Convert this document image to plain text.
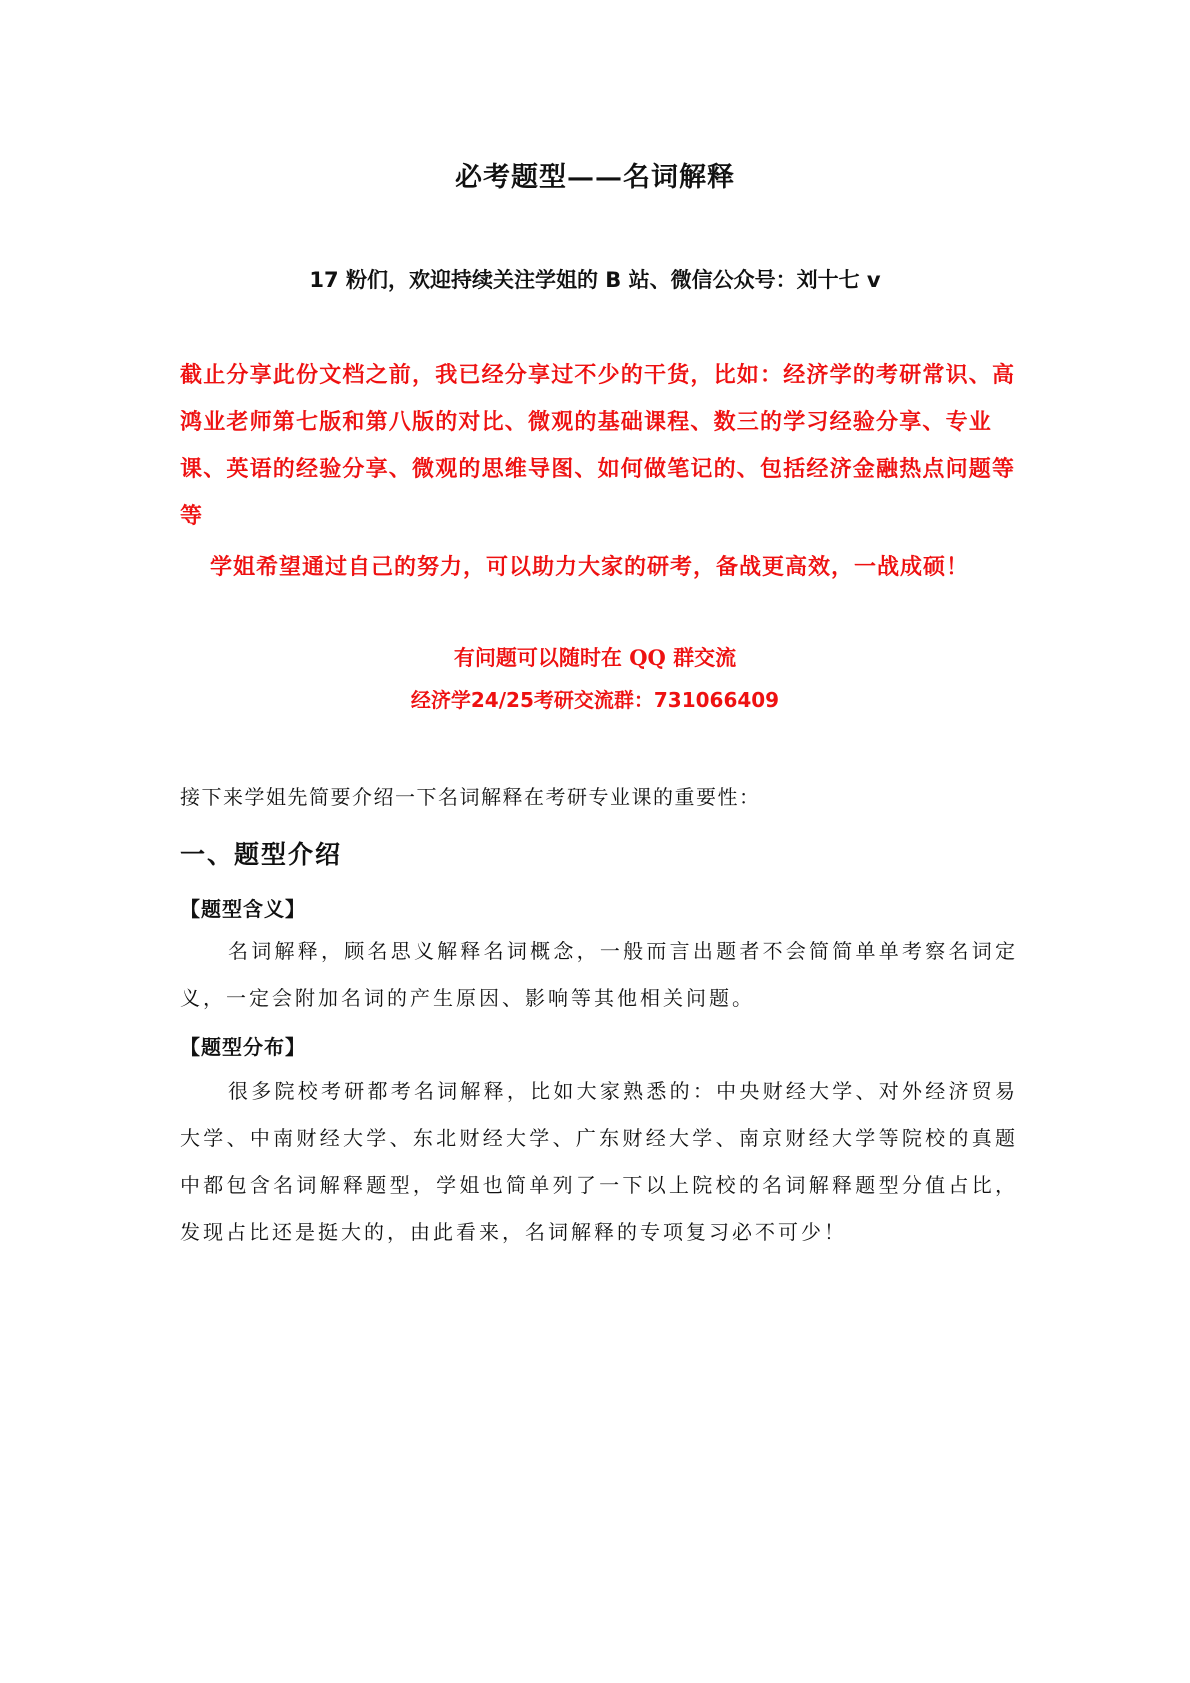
必考题型——名词解释
17 粉们，欢迎持续关注学姐的 B 站、微信公众号：刘十七 v
截止分享此份文档之前，我已经分享过不少的干货，比如：经济学的考研常识、高鸿业老师第七版和第八版的对比、微观的基础课程、数三的学习经验分享、专业课、英语的经验分享、微观的思维导图、如何做笔记的、包括经济金融热点问题等等
学姐希望通过自己的努力，可以助力大家的研考，备战更高效，一战成硕！
有问题可以随时在 QQ 群交流
经济学24/25考研交流群：731066409
接下来学姐先简要介绍一下名词解释在考研专业课的重要性：
一、题型介绍
【题型含义】
名词解释，顾名思义解释名词概念，一般而言出题者不会简简单单考察名词定义，一定会附加名词的产生原因、影响等其他相关问题。
【题型分布】
很多院校考研都考名词解释，比如大家熟悉的：中央财经大学、对外经济贸易大学、中南财经大学、东北财经大学、广东财经大学、南京财经大学等院校的真题中都包含名词解释题型，学姐也简单列了一下以上院校的名词解释题型分值占比，发现占比还是挺大的，由此看来，名词解释的专项复习必不可少！
